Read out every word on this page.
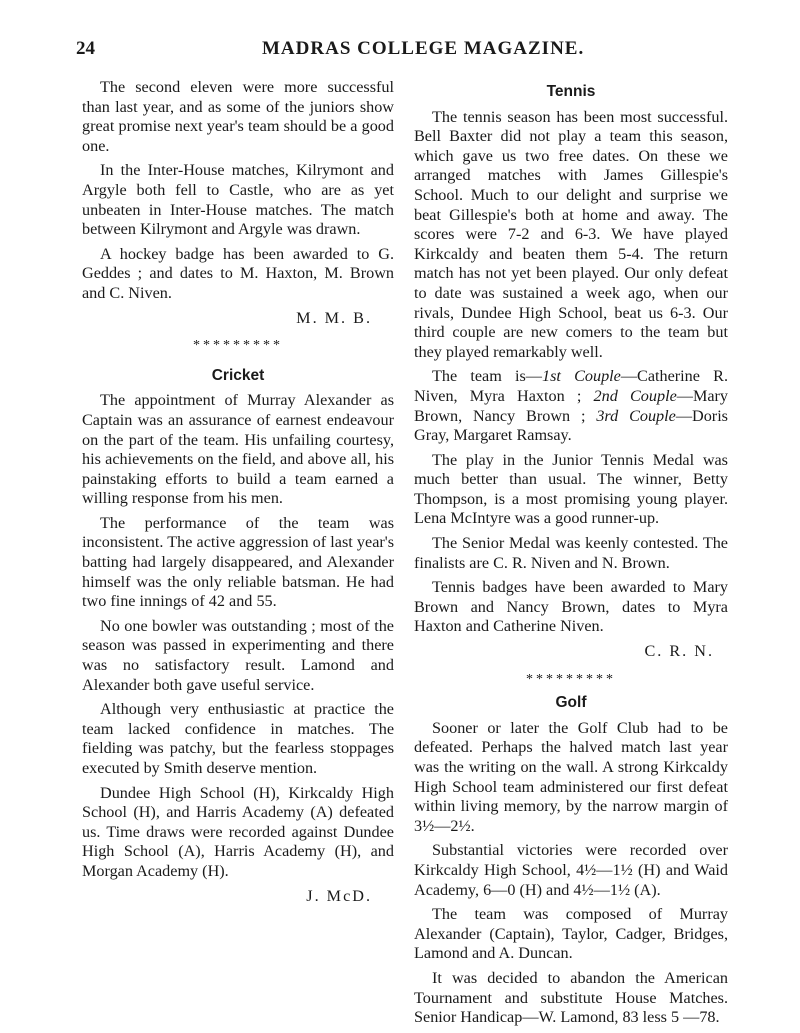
24	MADRAS COLLEGE MAGAZINE.

The second eleven were more successful than last year, and as some of the juniors show great promise next year's team should be a good one.

In the Inter-House matches, Kilrymont and Argyle both fell to Castle, who are as yet unbeaten in Inter-House matches. The match between Kilrymont and Argyle was drawn.

A hockey badge has been awarded to G. Geddes ; and dates to M. Haxton, M. Brown and C. Niven.

M. M. B.
*********
Cricket

The appointment of Murray Alexander as Captain was an assurance of earnest endeavour on the part of the team. His unfailing courtesy, his achievements on the field, and above all, his painstaking efforts to build a team earned a willing response from his men.

The performance of the team was inconsistent. The active aggression of last year's batting had largely disappeared, and Alexander himself was the only reliable batsman. He had two fine innings of 42 and 55.

No one bowler was outstanding ; most of the season was passed in experimenting and there was no satisfactory result. Lamond and Alexander both gave useful service.

Although very enthusiastic at practice the team lacked confidence in matches. The fielding was patchy, but the fearless stoppages executed by Smith deserve mention.

Dundee High School (H), Kirkcaldy High School (H), and Harris Academy (A) defeated us. Time draws were recorded against Dundee High School (A), Harris Academy (H), and Morgan Academy (H).

J. McD.
Tennis

The tennis season has been most successful. Bell Baxter did not play a team this season, which gave us two free dates. On these we arranged matches with James Gillespie's School. Much to our delight and surprise we beat Gillespie's both at home and away. The scores were 7-2 and 6-3. We have played Kirkcaldy and beaten them 5-4. The return match has not yet been played. Our only defeat to date was sustained a week ago, when our rivals, Dundee High School, beat us 6-3. Our third couple are new comers to the team but they played remarkably well.

The team is—1st Couple—Catherine R. Niven, Myra Haxton ; 2nd Couple—Mary Brown, Nancy Brown ; 3rd Couple—Doris Gray, Margaret Ramsay.

The play in the Junior Tennis Medal was much better than usual. The winner, Betty Thompson, is a most promising young player. Lena McIntyre was a good runner-up.

The Senior Medal was keenly contested. The finalists are C. R. Niven and N. Brown.

Tennis badges have been awarded to Mary Brown and Nancy Brown, dates to Myra Haxton and Catherine Niven.

C. R. N.
*********
Golf

Sooner or later the Golf Club had to be defeated. Perhaps the halved match last year was the writing on the wall. A strong Kirkcaldy High School team administered our first defeat within living memory, by the narrow margin of 3½—2½.

Substantial victories were recorded over Kirkcaldy High School, 4½—1½ (H) and Waid Academy, 6—0 (H) and 4½—1½ (A).

The team was composed of Murray Alexander (Captain), Taylor, Cadger, Bridges, Lamond and A. Duncan.

It was decided to abandon the American Tournament and substitute House Matches. Senior Handicap—W. Lamond, 83 less 5 —78.
